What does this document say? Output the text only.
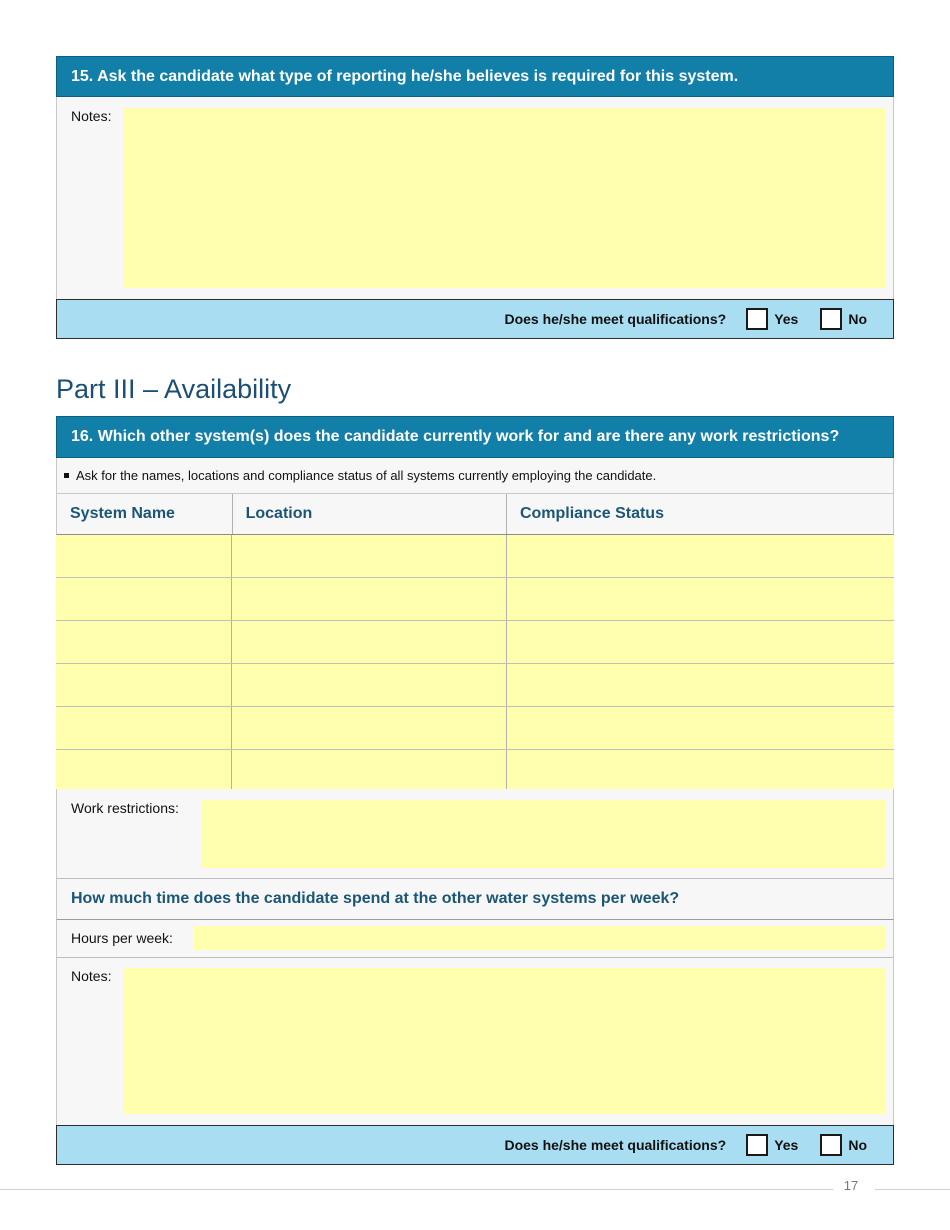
15. Ask the candidate what type of reporting he/she believes is required for this system.
Notes:
Does he/she meet qualifications?	Yes	No
Part III – Availability
16. Which other system(s) does the candidate currently work for and are there any work restrictions?
Ask for the names, locations and compliance status of all systems currently employing the candidate.
System Name	Location	Compliance Status
Work restrictions:
How much time does the candidate spend at the other water systems per week?
Hours per week:
Notes:
Does he/she meet qualifications?	Yes	No
17
